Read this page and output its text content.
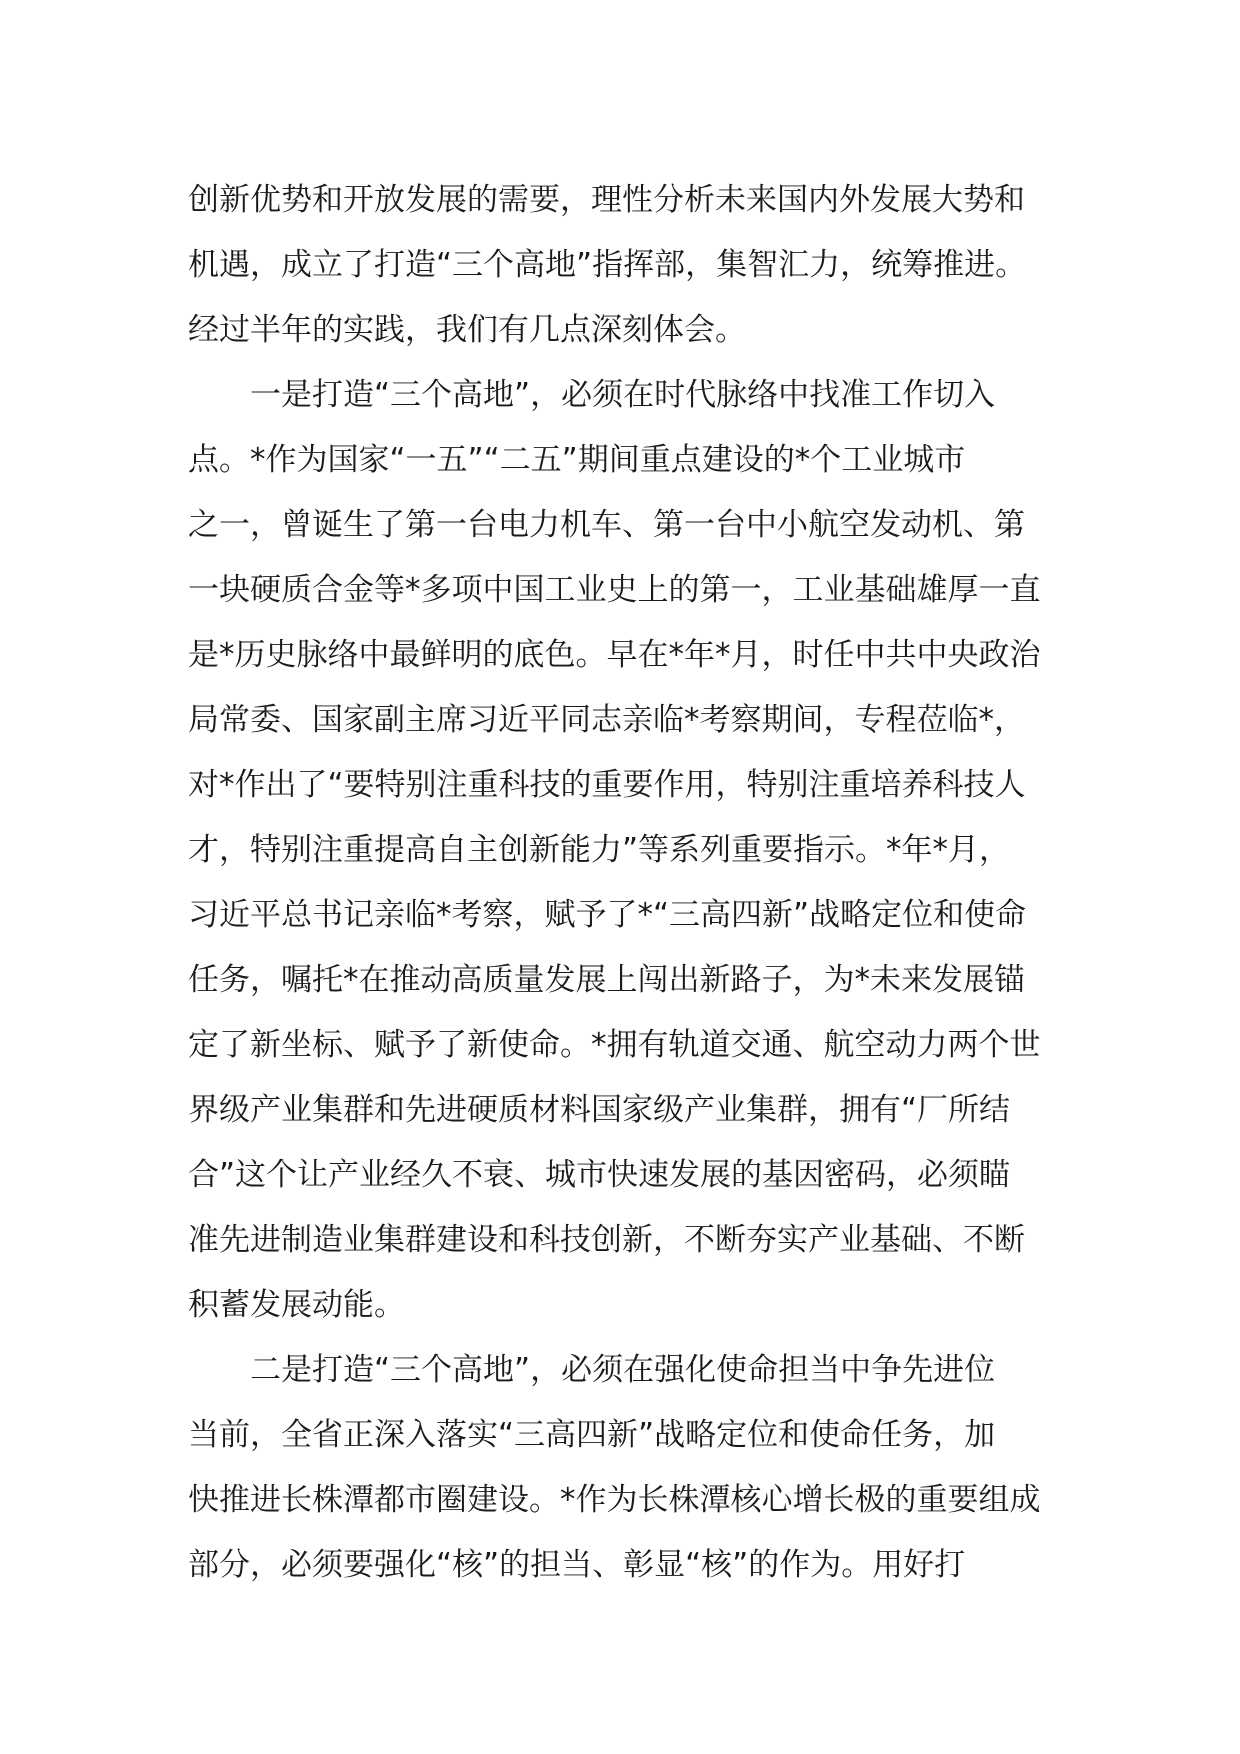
创新优势和开放发展的需要，理性分析未来国内外发展大势和
机遇，成立了打造“三个高地”指挥部，集智汇力，统筹推进。
经过半年的实践，我们有几点深刻体会。
一是打造“三个高地”，必须在时代脉络中找准工作切入
点。*作为国家“一五”“二五”期间重点建设的*个工业城市
之一，曾诞生了第一台电力机车、第一台中小航空发动机、第
一块硬质合金等*多项中国工业史上的第一，工业基础雄厚一直
是*历史脉络中最鲜明的底色。早在*年*月，时任中共中央政治
局常委、国家副主席习近平同志亲临*考察期间，专程莅临*，
对*作出了“要特别注重科技的重要作用，特别注重培养科技人
才，特别注重提高自主创新能力”等系列重要指示。*年*月，
习近平总书记亲临*考察，赋予了*“三高四新”战略定位和使命
任务，嘱托*在推动高质量发展上闯出新路子，为*未来发展锚
定了新坐标、赋予了新使命。*拥有轨道交通、航空动力两个世
界级产业集群和先进硬质材料国家级产业集群，拥有“厂所结
合”这个让产业经久不衰、城市快速发展的基因密码，必须瞄
准先进制造业集群建设和科技创新，不断夯实产业基础、不断
积蓄发展动能。
二是打造“三个高地”，必须在强化使命担当中争先进位
当前，全省正深入落实“三高四新”战略定位和使命任务，加
快推进长株潭都市圈建设。*作为长株潭核心增长极的重要组成
部分，必须要强化“核”的担当、彰显“核”的作为。用好打
